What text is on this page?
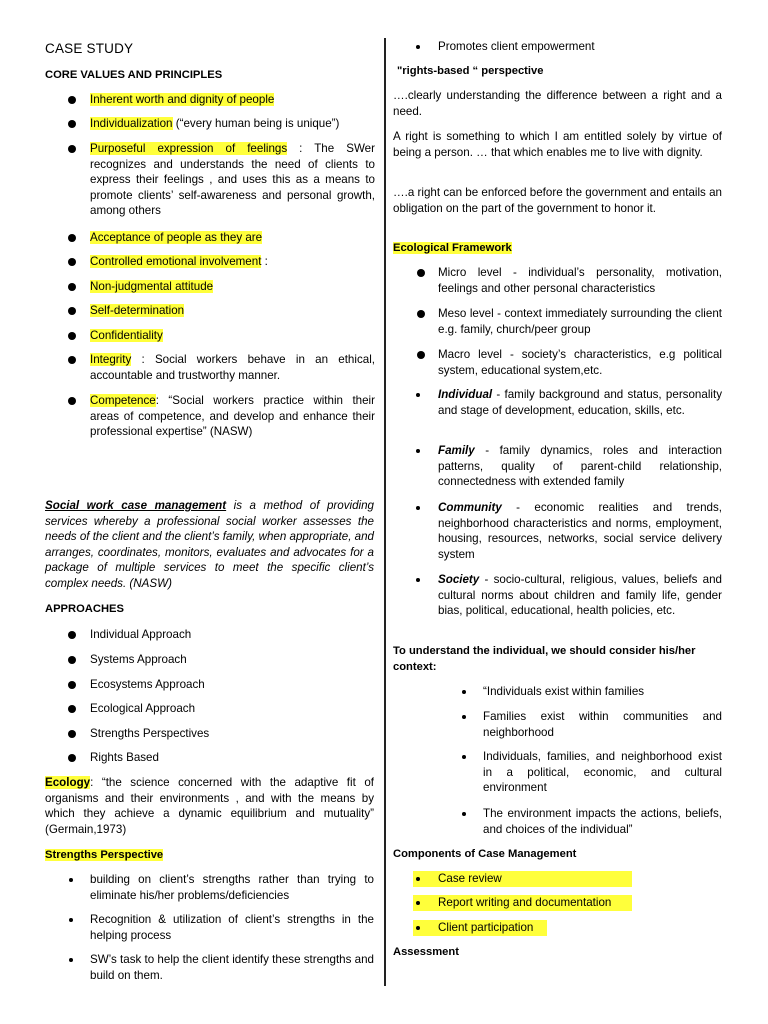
CASE STUDY
CORE VALUES AND PRINCIPLES
Inherent worth and dignity of people
Individualization (“every human being is unique”)
Purposeful expression of feelings : The SWer recognizes and understands the need of clients to express their feelings , and uses this as a means to promote clients’ self-awareness and personal growth, among others
Acceptance of people as they are
Controlled emotional involvement :
Non-judgmental attitude
Self-determination
Confidentiality
Integrity : Social workers behave in an ethical, accountable and trustworthy manner.
Competence: “Social workers practice within their areas of competence, and develop and enhance their professional expertise” (NASW)
Social work case management is a method of providing services whereby a professional social worker assesses the needs of the client and the client’s family, when appropriate, and arranges, coordinates, monitors, evaluates and advocates for a package of multiple services to meet the specific client’s complex needs. (NASW)
APPROACHES
Individual Approach
Systems Approach
Ecosystems Approach
Ecological Approach
Strengths Perspectives
Rights Based
Ecology: “the science concerned with the adaptive fit of organisms and their environments , and with the means by which they achieve a dynamic equilibrium and mutuality” (Germain,1973)
Strengths Perspective
building on client’s strengths rather than trying to eliminate his/her problems/deficiencies
Recognition & utilization of client’s strengths in the helping process
SW’s task to help the client identify these strengths and build on them.
Promotes client empowerment
"rights-based “ perspective
….clearly understanding the difference between a right and a need.
A right is something to which I am entitled solely by virtue of being a person. … that which enables me to live with dignity.
….a right can be enforced before the government and entails an obligation on the part of the government to honor it.
Ecological Framework
Micro level - individual’s personality, motivation, feelings and other personal characteristics
Meso level - context immediately surrounding the client e.g. family, church/peer group
Macro level - society’s characteristics, e.g political system, educational system,etc.
Individual - family background and status, personality and stage of development, education, skills, etc.
Family - family dynamics, roles and interaction patterns, quality of parent-child relationship, connectedness with extended family
Community - economic realities and trends, neighborhood characteristics and norms, employment, housing, resources, networks, social service delivery system
Society - socio-cultural, religious, values, beliefs and cultural norms about children and family life, gender bias, political, educational, health policies, etc.
To understand the individual, we should consider his/her context:
“Individuals exist within families
Families exist within communities and neighborhood
Individuals, families, and neighborhood exist in a political, economic, and cultural environment
The environment impacts the actions, beliefs, and choices of the individual”
Components of Case Management
Case review
Report writing and documentation
Client participation
Assessment
